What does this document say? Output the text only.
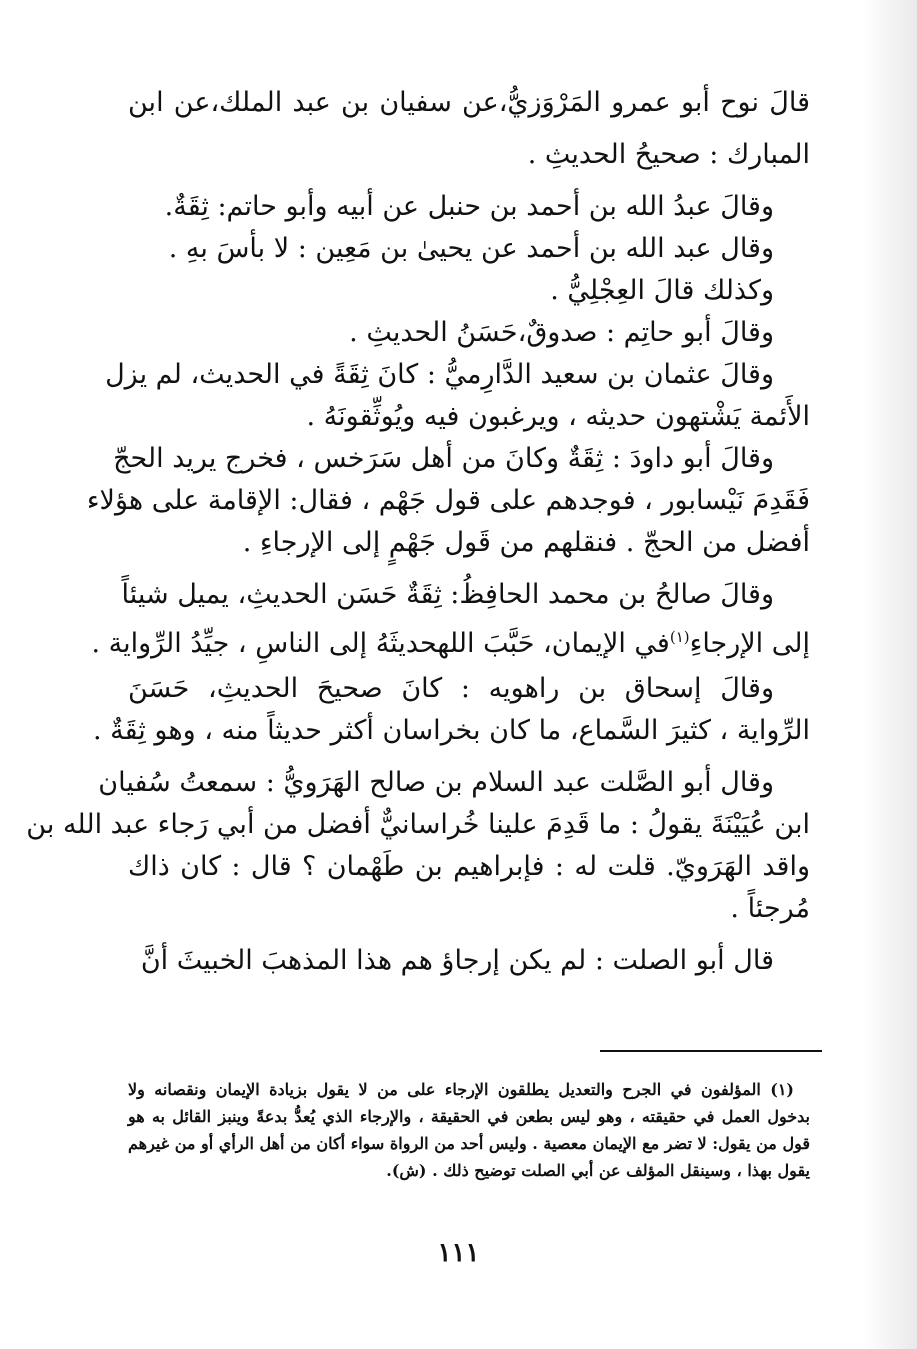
قالَ نوح أبو عمرو المَرْوَزيُّ،عن سفيان بن عبد الملك،عن ابن
المبارك : صحيحُ الحديثِ .
وقالَ عبدُ الله بن أحمد بن حنبل عن أبيه وأبو حاتم: ثِقَةٌ.
وقال عبد الله بن أحمد عن يحيىٰ بن مَعِين : لا بأسَ بهِ .
وكذلك قالَ العِجْلِيُّ .
وقالَ أبو حاتِم : صدوقٌ،حَسَنُ الحديثِ .
وقالَ عثمان بن سعيد الدَّارِميُّ : كانَ ثِقَةً في الحديث، لم يزل
الأَئمة يَشْتهون حديثه ، ويرغبون فيه ويُوثِّقونَهُ .
وقالَ أبو داودَ : ثِقَةٌ وكانَ من أهل سَرَخس ، فخرج يريد الحجّ
فَقَدِمَ نَيْسابور ، فوجدهم على قول جَهْم ، فقال: الإقامة على هؤلاء
أفضل من الحجّ . فنقلهم من قَول جَهْمٍ إلى الإرجاءِ .
وقالَ صالحُ بن محمد الحافِظُ: ثِقَةٌ حَسَن الحديثِ، يميل شيئاً
إلى الإرجاءِ$^{(١)}$في الإيمان، حَبَّبَ اللهحديثَهُ إلى الناسِ ، جيِّدُ الرِّواية .
وقالَ إسحاق بن راهويه : كانَ صحيحَ الحديثِ، حَسَنَ
الرِّواية ، كثيرَ السَّماع، ما كان بخراسان أكثر حديثاً منه ، وهو ثِقَةٌ .
وقال أبو الصَّلت عبد السلام بن صالح الهَرَويُّ : سمعتُ سُفيان
ابن عُيَيْنَةَ يقولُ : ما قَدِمَ علينا خُراسانيٌّ أفضل من أبي رَجاء عبد الله بن
واقد الهَرَويّ. قلت له : فإبراهيم بن طَهْمان ؟ قال : كان ذاك
مُرجئاً .
قال أبو الصلت : لم يكن إرجاؤ هم هذا المذهبَ الخبيثَ أنَّ
(١) المؤلفون في الجرح والتعديل يطلقون الإرجاء على من لا يقول بزيادة الإيمان ونقصانه ولا
بدخول العمل في حقيقته ، وهو ليس بطعن في الحقيقة ، والإرجاء الذي يُعدُّ بدعةً وينبز القائل به هو
قول من يقول: لا تضر مع الإيمان معصية . وليس أحد من الرواة سواء أكان من أهل الرأي أو من غيرهم
يقول بهذا ، وسينقل المؤلف عن أبي الصلت توضيح ذلك . (ش).
١١١
